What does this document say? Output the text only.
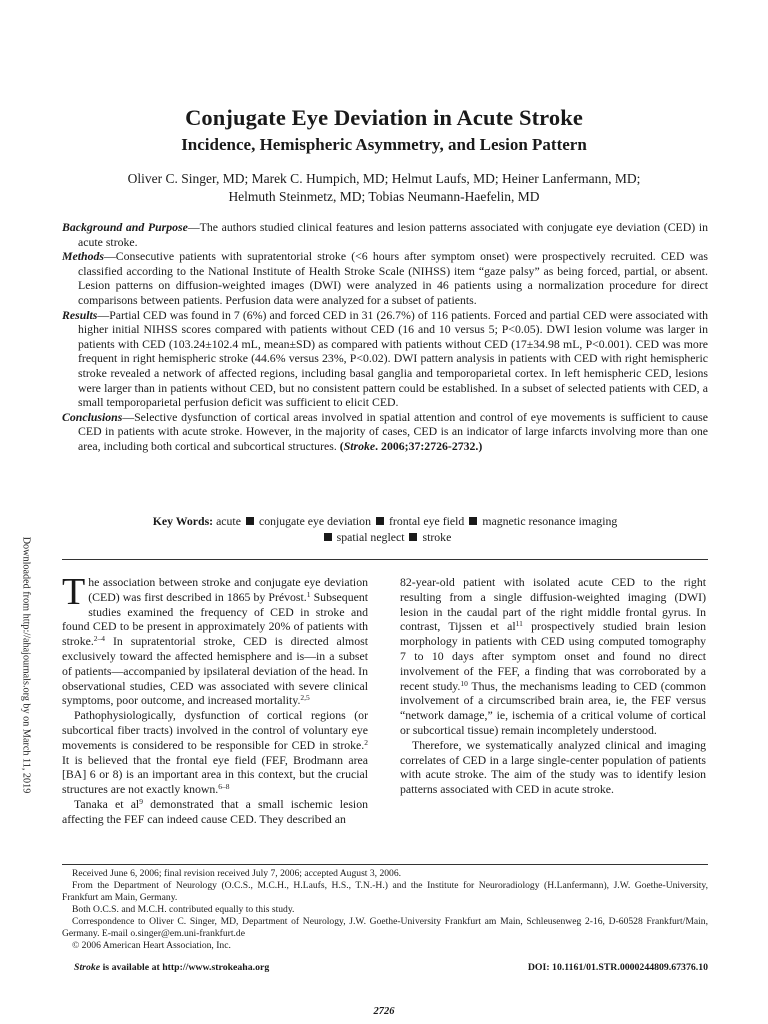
Conjugate Eye Deviation in Acute Stroke
Incidence, Hemispheric Asymmetry, and Lesion Pattern
Oliver C. Singer, MD; Marek C. Humpich, MD; Helmut Laufs, MD; Heiner Lanfermann, MD;
Helmuth Steinmetz, MD; Tobias Neumann-Haefelin, MD

Background and Purpose—The authors studied clinical features and lesion patterns associated with conjugate eye deviation (CED) in acute stroke.

Methods—Consecutive patients with supratentorial stroke (<6 hours after symptom onset) were prospectively recruited. CED was classified according to the National Institute of Health Stroke Scale (NIHSS) item “gaze palsy” as being forced, partial, or absent. Lesion patterns on diffusion-weighted images (DWI) were analyzed in 46 patients using a normalization procedure for direct comparisons between patients. Perfusion data were analyzed for a subset of patients.

Results—Partial CED was found in 7 (6%) and forced CED in 31 (26.7%) of 116 patients. Forced and partial CED were associated with higher initial NIHSS scores compared with patients without CED (16 and 10 versus 5; P<0.05). DWI lesion volume was larger in patients with CED (103.24±102.4 mL, mean±SD) as compared with patients without CED (17±34.98 mL, P<0.001). CED was more frequent in right hemispheric stroke (44.6% versus 23%, P<0.02). DWI pattern analysis in patients with CED with right hemispheric stroke revealed a network of affected regions, including basal ganglia and temporoparietal cortex. In left hemispheric CED, lesions were larger than in patients without CED, but no consistent pattern could be established. In a subset of selected patients with CED, a small temporoparietal perfusion deficit was sufficient to elicit CED.

Conclusions—Selective dysfunction of cortical areas involved in spatial attention and control of eye movements is sufficient to cause CED in patients with acute stroke. However, in the majority of cases, CED is an indicator of large infarcts involving more than one area, including both cortical and subcortical structures. (Stroke. 2006;37:2726-2732.)

Key Words: acute conjugate eye deviation frontal eye field magnetic resonance imaging
spatial neglect stroke
Downloaded from http://ahajournals.org by on March 11, 2019 The association between stroke and conjugate eye deviation (CED) was first described in 1865 by Prévost.$^1$ Subsequent studies examined the frequency of CED in stroke and found CED to be present in approximately 20% of patients with stroke.$^{2-4}$ In supratentorial stroke, CED is directed almost exclusively toward the affected hemisphere and is—in a subset of patients—accompanied by ipsilateral deviation of the head. In observational studies, CED was associated with severe clinical symptoms, poor outcome, and increased mortality.$^{2,5}$

Pathophysiologically, dysfunction of cortical regions (or subcortical fiber tracts) involved in the control of voluntary eye movements is considered to be responsible for CED in stroke.$^2$ It is believed that the frontal eye field (FEF, Brodmann area [BA] 6 or 8) is an important area in this context, but the crucial structures are not exactly known.$^{6-8}$

Tanaka et $al^9$ demonstrated that a small ischemic lesion affecting the FEF can indeed cause CED. They described an

82-year-old patient with isolated acute CED to the right resulting from a single diffusion-weighted imaging (DWI) lesion in the caudal part of the right middle frontal gyrus. In contrast, Tijssen et $al^{11}$ prospectively studied brain lesion morphology in patients with CED using computed tomography 7 to 10 days after symptom onset and found no direct involvement of the FEF, a finding that was corroborated by a recent study.$^{10}$ Thus, the mechanisms leading to CED (common involvement of a circumscribed brain area, ie, the FEF versus “network damage,” ie, ischemia of a critical volume of cortical or subcortical tissue) remain incompletely understood.

Therefore, we systematically analyzed clinical and imaging correlates of CED in a large single-center population of patients with acute stroke. The aim of the study was to identify lesion patterns associated with CED in acute stroke.

Received June 6, 2006; final revision received July 7, 2006; accepted August 3, 2006.

From the Department of Neurology (O.C.S., M.C.H., H.Laufs, H.S., T.N.-H.) and the Institute for Neuroradiology (H.Lanfermann), J.W. Goethe-University, Frankfurt am Main, Germany.

Both O.C.S. and M.C.H. contributed equally to this study.

Correspondence to Oliver C. Singer, MD, Department of Neurology, J.W. Goethe-University Frankfurt am Main, Schleusenweg 2-16, D-60528 Frankfurt/Main, Germany. E-mail o.singer@em.uni-frankfurt.de

© 2006 American Heart Association, Inc.

Stroke is available at http://www.strokeaha.org	DOI: 10.1161/01.STR.0000244809.67376.10
2726
